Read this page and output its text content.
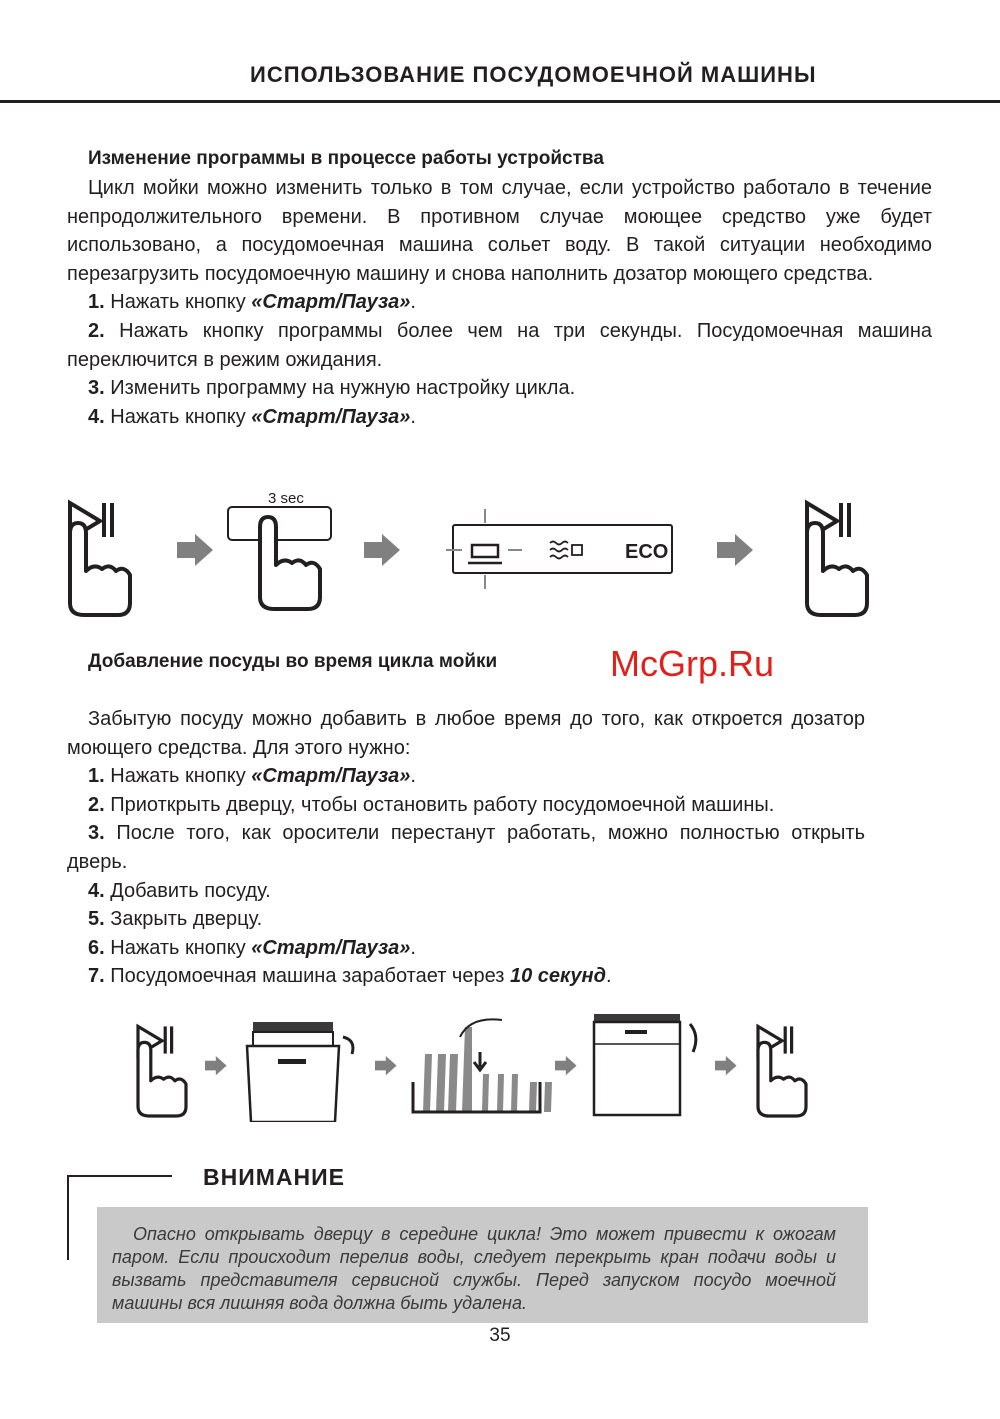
ИСПОЛЬЗОВАНИЕ ПОСУДОМОЕЧНОЙ МАШИНЫ
Изменение программы в процессе работы устройства

Цикл мойки можно изменить только в том случае, если устройство работало в течение непродолжительного времени. В противном случае моющее средство уже будет использовано, а посудомоечная машина сольет воду. В такой ситуации необходимо перезагрузить посудомоечную машину и снова наполнить дозатор моющего средства.

1. Нажать кнопку «Старт/Пауза».

2. Нажать кнопку программы более чем на три секунды. Посудомоечная машина переключится в режим ожидания.

3. Изменить программу на нужную настройку цикла.

4. Нажать кнопку «Старт/Пауза».

3 sec
ECO
Добавление посуды во время цикла мойки

Забытую посуду можно добавить в любое время до того, как откроется дозатор моющего средства. Для этого нужно:

1. Нажать кнопку «Старт/Пауза».

2. Приоткрыть дверцу, чтобы остановить работу посудомоечной машины.

3. После того, как оросители перестанут работать, можно полностью открыть дверь.

4. Добавить посуду.

5. Закрыть дверцу.

6. Нажать кнопку «Старт/Пауза».

7. Посудомоечная машина заработает через 10 секунд.

McGrp.Ru
ВНИМАНИЕ
Опасно открывать дверцу в середине цикла! Это может привести к ожогам паром. Если происходит перелив воды, следует перекрыть кран подачи воды и вызвать представителя сервисной службы. Перед запуском посудо моечной машины вся лишняя вода должна быть удалена.
35
